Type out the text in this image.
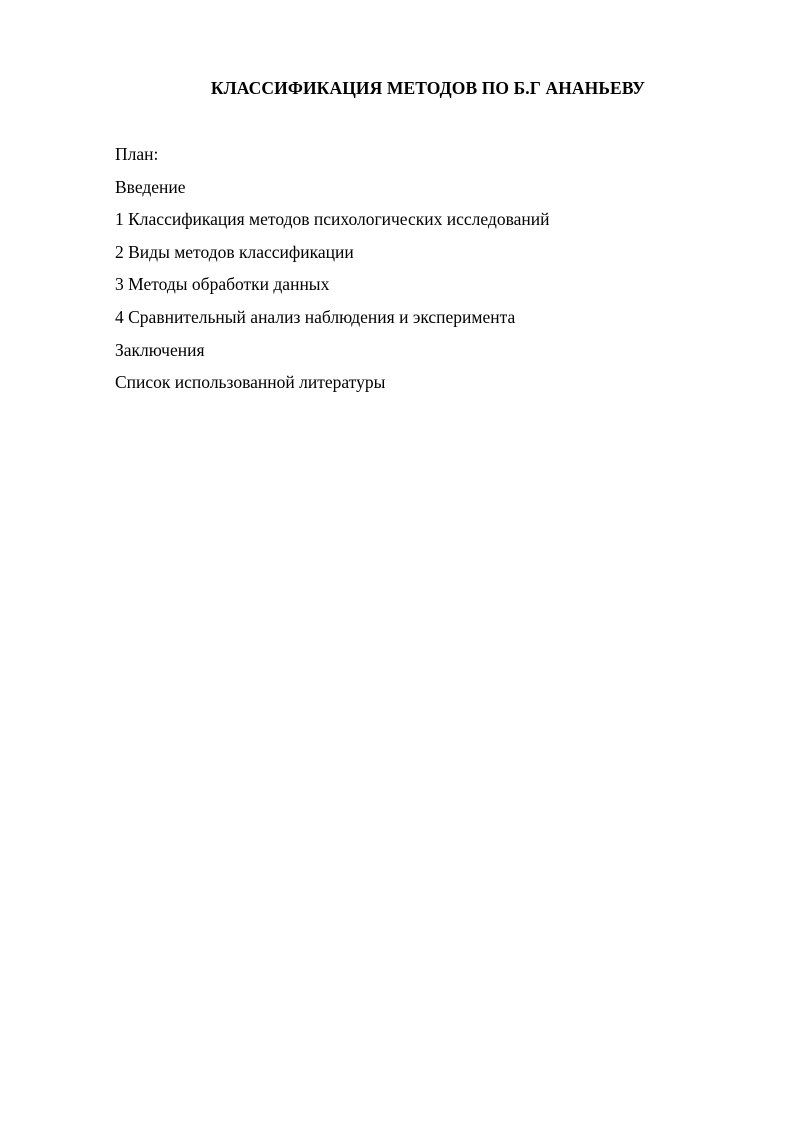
КЛАССИФИКАЦИЯ МЕТОДОВ ПО Б.Г АНАНЬЕВУ
План:
Введение
1 Классификация методов психологических исследований
2 Виды методов классификации
3 Методы обработки данных
4 Сравнительный анализ наблюдения и эксперимента
Заключения
Список использованной литературы
